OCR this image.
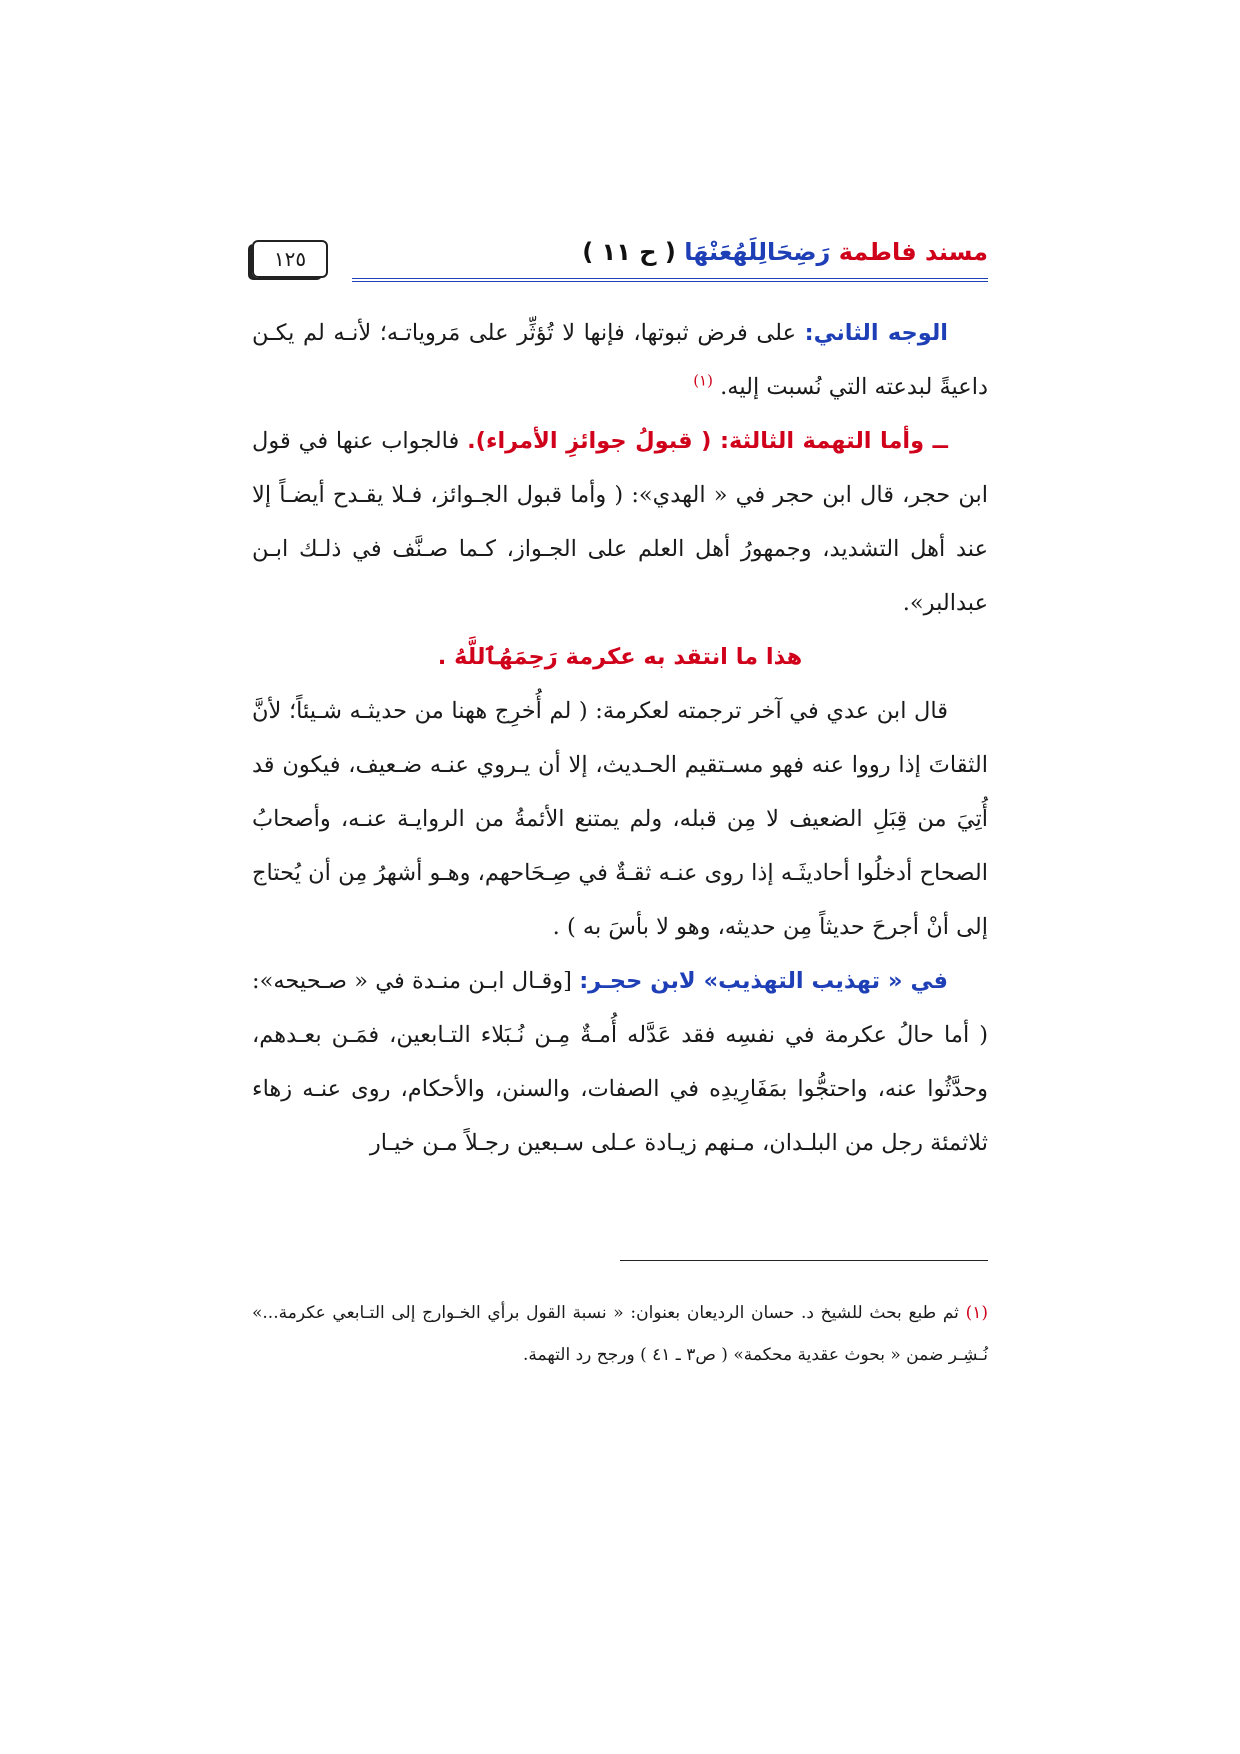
مسند فاطمة رَضِحَالِلَهُعَنْهَا ( ح ١١ )
١٢٥

الوجه الثاني: على فرض ثبوتها، فإنها لا تُؤثِّر على مَروياتـه؛ لأنـه لم يكـن داعيةً لبدعته التي نُسبت إليه. $^{(١)}$

ــ وأما التهمة الثالثة: ( قبولُ جوائزِ الأمراء). فالجواب عنها في قول ابن حجر، قال ابن حجر في « الهدي»: ( وأما قبول الجـوائز، فـلا يقـدح أيضـاً إلا عند أهل التشديد، وجمهورُ أهل العلم على الجـواز، كـما صـنَّف في ذلـك ابـن عبدالبر».

هذا ما انتقد به عكرمة رَحِمَهُٱللَّهُ .

قال ابن عدي في آخر ترجمته لعكرمة: ( لم أُخرِج ههنا من حديثـه شـيئاً؛ لأنَّ الثقاتَ إذا رووا عنه فهو مسـتقيم الحـديث، إلا أن يـروي عنـه ضـعيف، فيكون قد أُتِيَ من قِبَلِ الضعيف لا مِن قبله، ولم يمتنع الأئمةُ من الروايـة عنـه، وأصحابُ الصحاح أدخلُوا أحاديثَـه إذا روى عنـه ثقـةٌ في صِـحَاحهم، وهـو أشهرُ مِن أن يُحتاج إلى أنْ أجرحَ حديثاً مِن حديثه، وهو لا بأسَ به ) .

في « تهذيب التهذيب» لابن حجـر: [وقـال ابـن منـدة في « صـحيحه»: ( أما حالُ عكرمة في نفسِه فقد عَدَّله أُمـةٌ مِـن نُـبَلاء التـابعين، فمَـن بعـدهم، وحدَّثُوا عنه، واحتجُّوا بمَفَارِيدِه في الصفات، والسنن، والأحكام، روى عنـه زهاء ثلاثمئة رجل من البلـدان، مـنهم زيـادة عـلى سـبعين رجـلاً مـن خيـار

(١) ثم طبع بحث للشيخ د. حسان الرديعان بعنوان: « نسبة القول برأي الخـوارج إلى التـابعي عكرمة...» نُـشِـر ضمن « بحوث عقدية محكمة» ( ص٣ ـ ٤١ ) ورجح رد التهمة.
